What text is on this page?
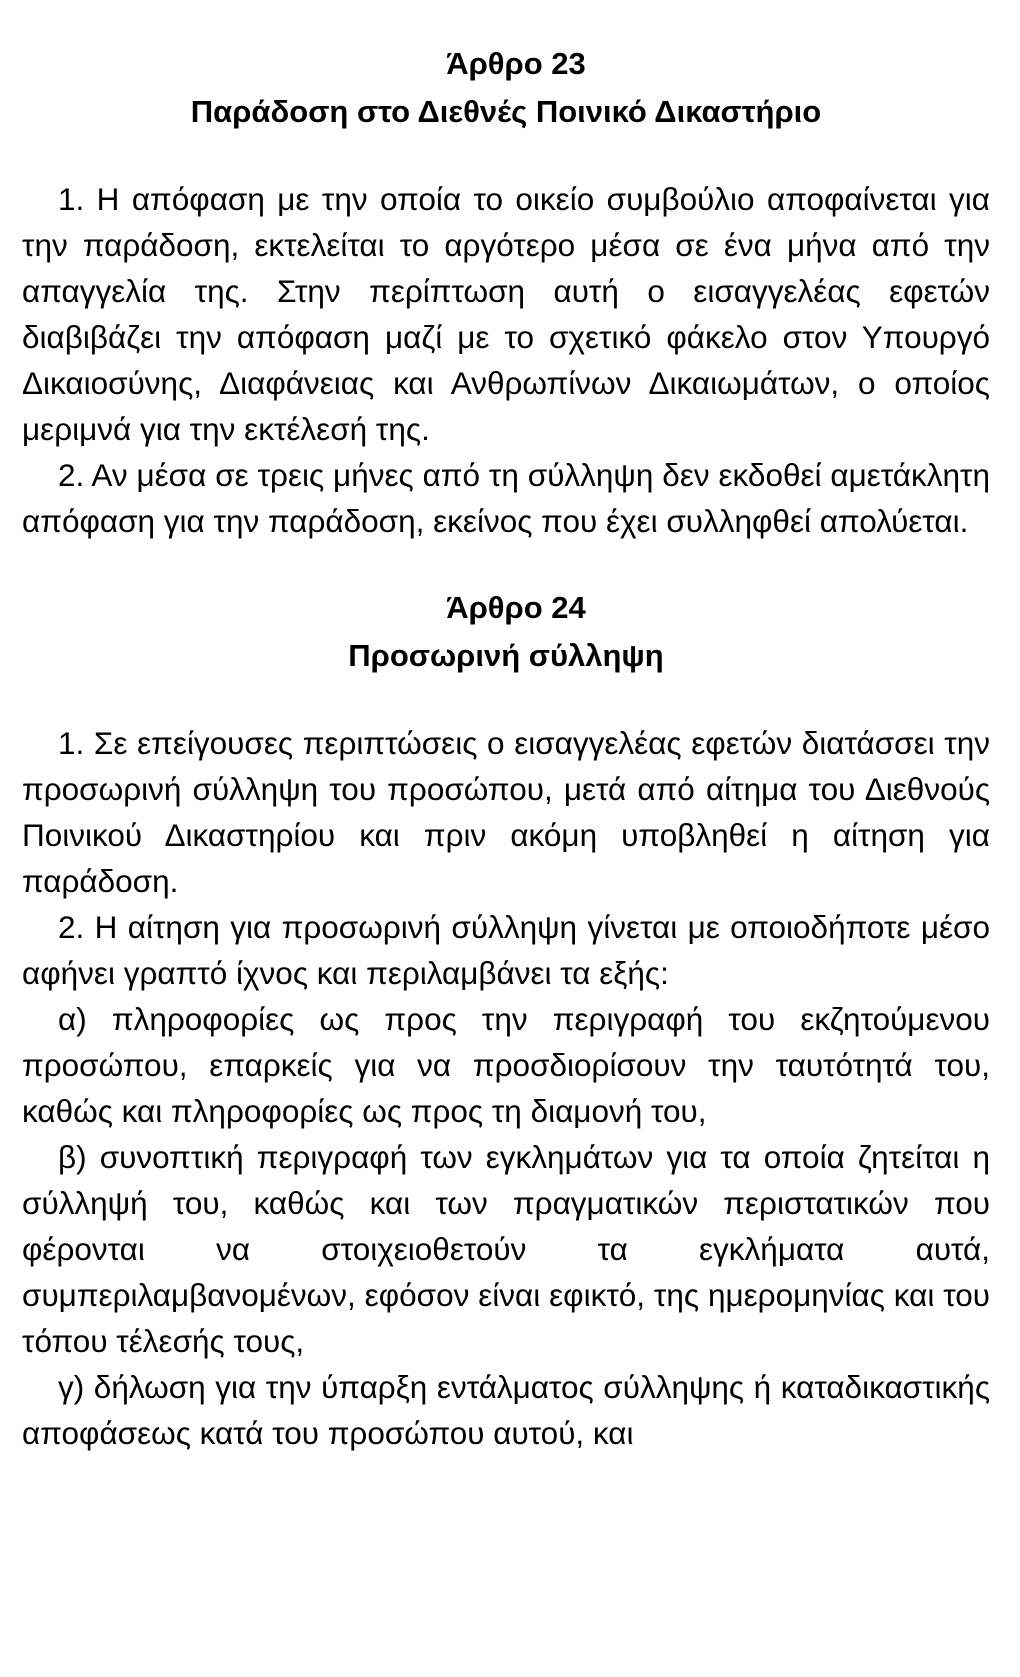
Άρθρο 23
Παράδοση στο Διεθνές Ποινικό Δικαστήριο

1. Η απόφαση με την οποία το οικείο συμβούλιο αποφαίνεται για την παράδοση, εκτελείται το αργότερο μέσα σε ένα μήνα από την απαγγελία της. Στην περίπτωση αυτή ο εισαγγελέας εφετών διαβιβάζει την απόφαση μαζί με το σχετικό φάκελο στον Υπουργό Δικαιοσύνης, Διαφάνειας και Ανθρωπίνων Δικαιωμάτων, ο οποίος μεριμνά για την εκτέλεσή της.

2. Αν μέσα σε τρεις μήνες από τη σύλληψη δεν εκδοθεί αμετάκλητη απόφαση για την παράδοση, εκείνος που έχει συλληφθεί απολύεται.

Άρθρο 24
Προσωρινή σύλληψη

1. Σε επείγουσες περιπτώσεις ο εισαγγελέας εφετών διατάσσει την προσωρινή σύλληψη του προσώπου, μετά από αίτημα του Διεθνούς Ποινικού Δικαστηρίου και πριν ακόμη υποβληθεί η αίτηση για παράδοση.

2. Η αίτηση για προσωρινή σύλληψη γίνεται με οποιοδήποτε μέσο αφήνει γραπτό ίχνος και περιλαμβάνει τα εξής:

α) πληροφορίες ως προς την περιγραφή του εκζητούμενου προσώπου, επαρκείς για να προσδιορίσουν την ταυτότητά του, καθώς και πληροφορίες ως προς τη διαμονή του,

β) συνοπτική περιγραφή των εγκλημάτων για τα οποία ζητείται η σύλληψή του, καθώς και των πραγματικών περιστατικών που φέρονται να στοιχειοθετούν τα εγκλήματα αυτά, συμπεριλαμβανομένων, εφόσον είναι εφικτό, της ημερομηνίας και του τόπου τέλεσής τους,

γ) δήλωση για την ύπαρξη εντάλματος σύλληψης ή καταδικαστικής αποφάσεως κατά του προσώπου αυτού, και
